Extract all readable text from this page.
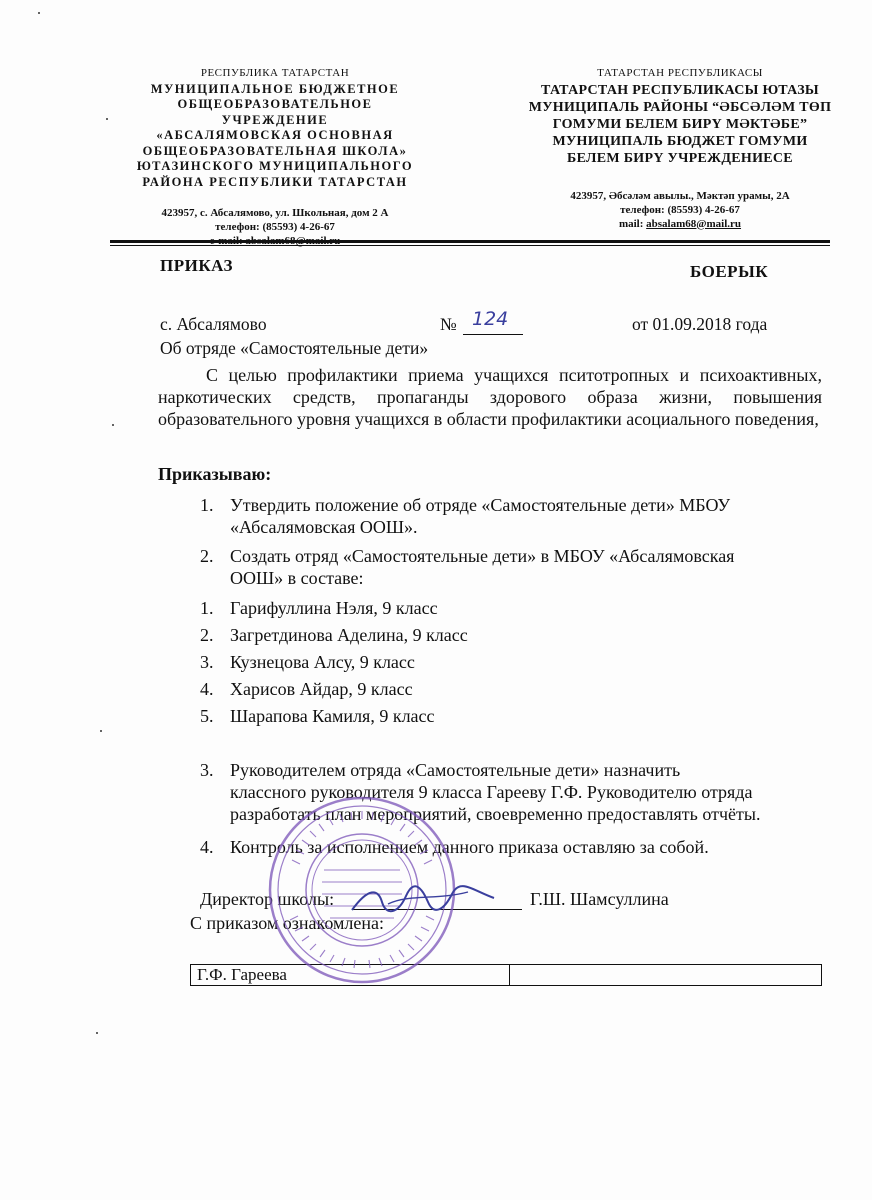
РЕСПУБЛИКА ТАТАРСТАН
МУНИЦИПАЛЬНОЕ БЮДЖЕТНОЕ
ОБЩЕОБРАЗОВАТЕЛЬНОЕ
УЧРЕЖДЕНИЕ
«АБСАЛЯМОВСКАЯ ОСНОВНАЯ
ОБЩЕОБРАЗОВАТЕЛЬНАЯ ШКОЛА»
ЮТАЗИНСКОГО МУНИЦИПАЛЬНОГО
РАЙОНА РЕСПУБЛИКИ ТАТАРСТАН
423957, с. Абсалямово, ул. Школьная, дом 2 А
телефон: (85593) 4-26-67
ТАТАРСТАН РЕСПУБЛИКАСЫ
ТАТАРСТАН РЕСПУБЛИКАСЫ ЮТАЗЫ
МУНИЦИПАЛЬ РАЙОНЫ “ӘБСӘЛӘМ ТӨП
ГОМУМИ БЕЛЕМ БИРҮ МӘКТӘБЕ”
МУНИЦИПАЛЬ БЮДЖЕТ ГОМУМИ
БЕЛЕМ БИРҮ УЧРЕЖДЕНИЕСЕ
423957, Әбсәләм авылы., Мәктәп урамы, 2А
телефон: (85593) 4-26-67
mail: absalam68@mail.ru
ПРИКАЗ	БОЕРЫК
с. Абсалямово	№ 124	от 01.09.2018 года
Об отряде «Самостоятельные дети»
С целью профилактики приема учащихся пситотропных и психоактивных, наркотических средств, пропаганды здорового образа жизни, повышения образовательного уровня учащихся в области профилактики асоциального поведения,
Приказываю:
1. Утвердить положение об отряде «Самостоятельные дети» МБОУ
«Абсалямовская ООШ».
2. Создать отряд «Самостоятельные дети» в МБОУ «Абсалямовская
ООШ» в составе:
1. Гарифуллина Нэля, 9 класс
2. Загретдинова Аделина, 9 класс
3. Кузнецова Алсу, 9 класс
4. Харисов Айдар, 9 класс
5. Шарапова Камиля, 9 класс
3. Руководителем отряда «Самостоятельные дети» назначить
классного руководителя 9 класса Гарееву Г.Ф. Руководителю отряда
разработать план мероприятий, своевременно предоставлять отчёты.
4. Контроль за исполнением данного приказа оставляю за собой.
Директор школы:	Г.Ш. Шамсуллина
С приказом ознакомлена:
Г.Ф. Гареева	
